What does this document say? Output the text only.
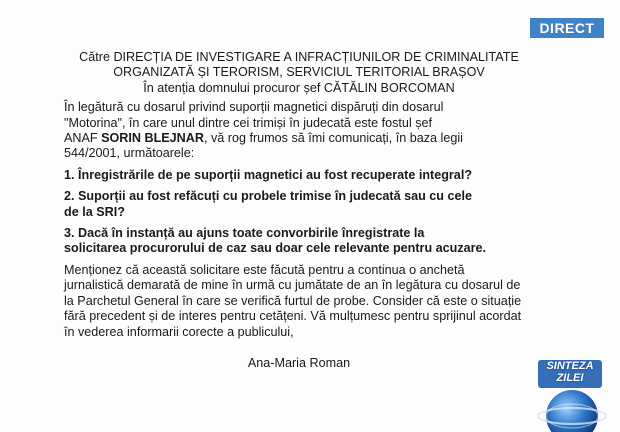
DIRECT
Către DIRECȚIA DE INVESTIGARE A INFRACȚIUNILOR DE CRIMINALITATE
ORGANIZATĂ ȘI TERORISM, SERVICIUL TERITORIAL BRAȘOV
În atenția domnului procuror șef CĂTĂLIN BORCOMAN
În legătură cu dosarul privind suporții magnetici dispăruți din dosarul
"Motorina", în care unul dintre cei trimiși în judecată este fostul șef
ANAF SORIN BLEJNAR, vă rog frumos să îmi comunicați, în baza legii
544/2001, următoarele:
1. Înregistrările de pe suporții magnetici au fost recuperate integral?
2. Suporții au fost refăcuți cu probele trimise în judecată sau cu cele
de la SRI?
3. Dacă în instanță au ajuns toate convorbirile înregistrate la
solicitarea procurorului de caz sau doar cele relevante pentru acuzare.
Menționez că această solicitare este făcută pentru a continua o anchetă
jurnalistică demarată de mine în urmă cu jumătate de an în legătura cu dosarul de
la Parchetul General în care se verifică furtul de probe. Consider că este o situație
fără precedent și de interes pentru cetățeni. Vă mulțumesc pentru sprijinul acordat
în vederea informarii corecte a publicului,
Ana-Maria Roman	SINTEZA
ZILEI
